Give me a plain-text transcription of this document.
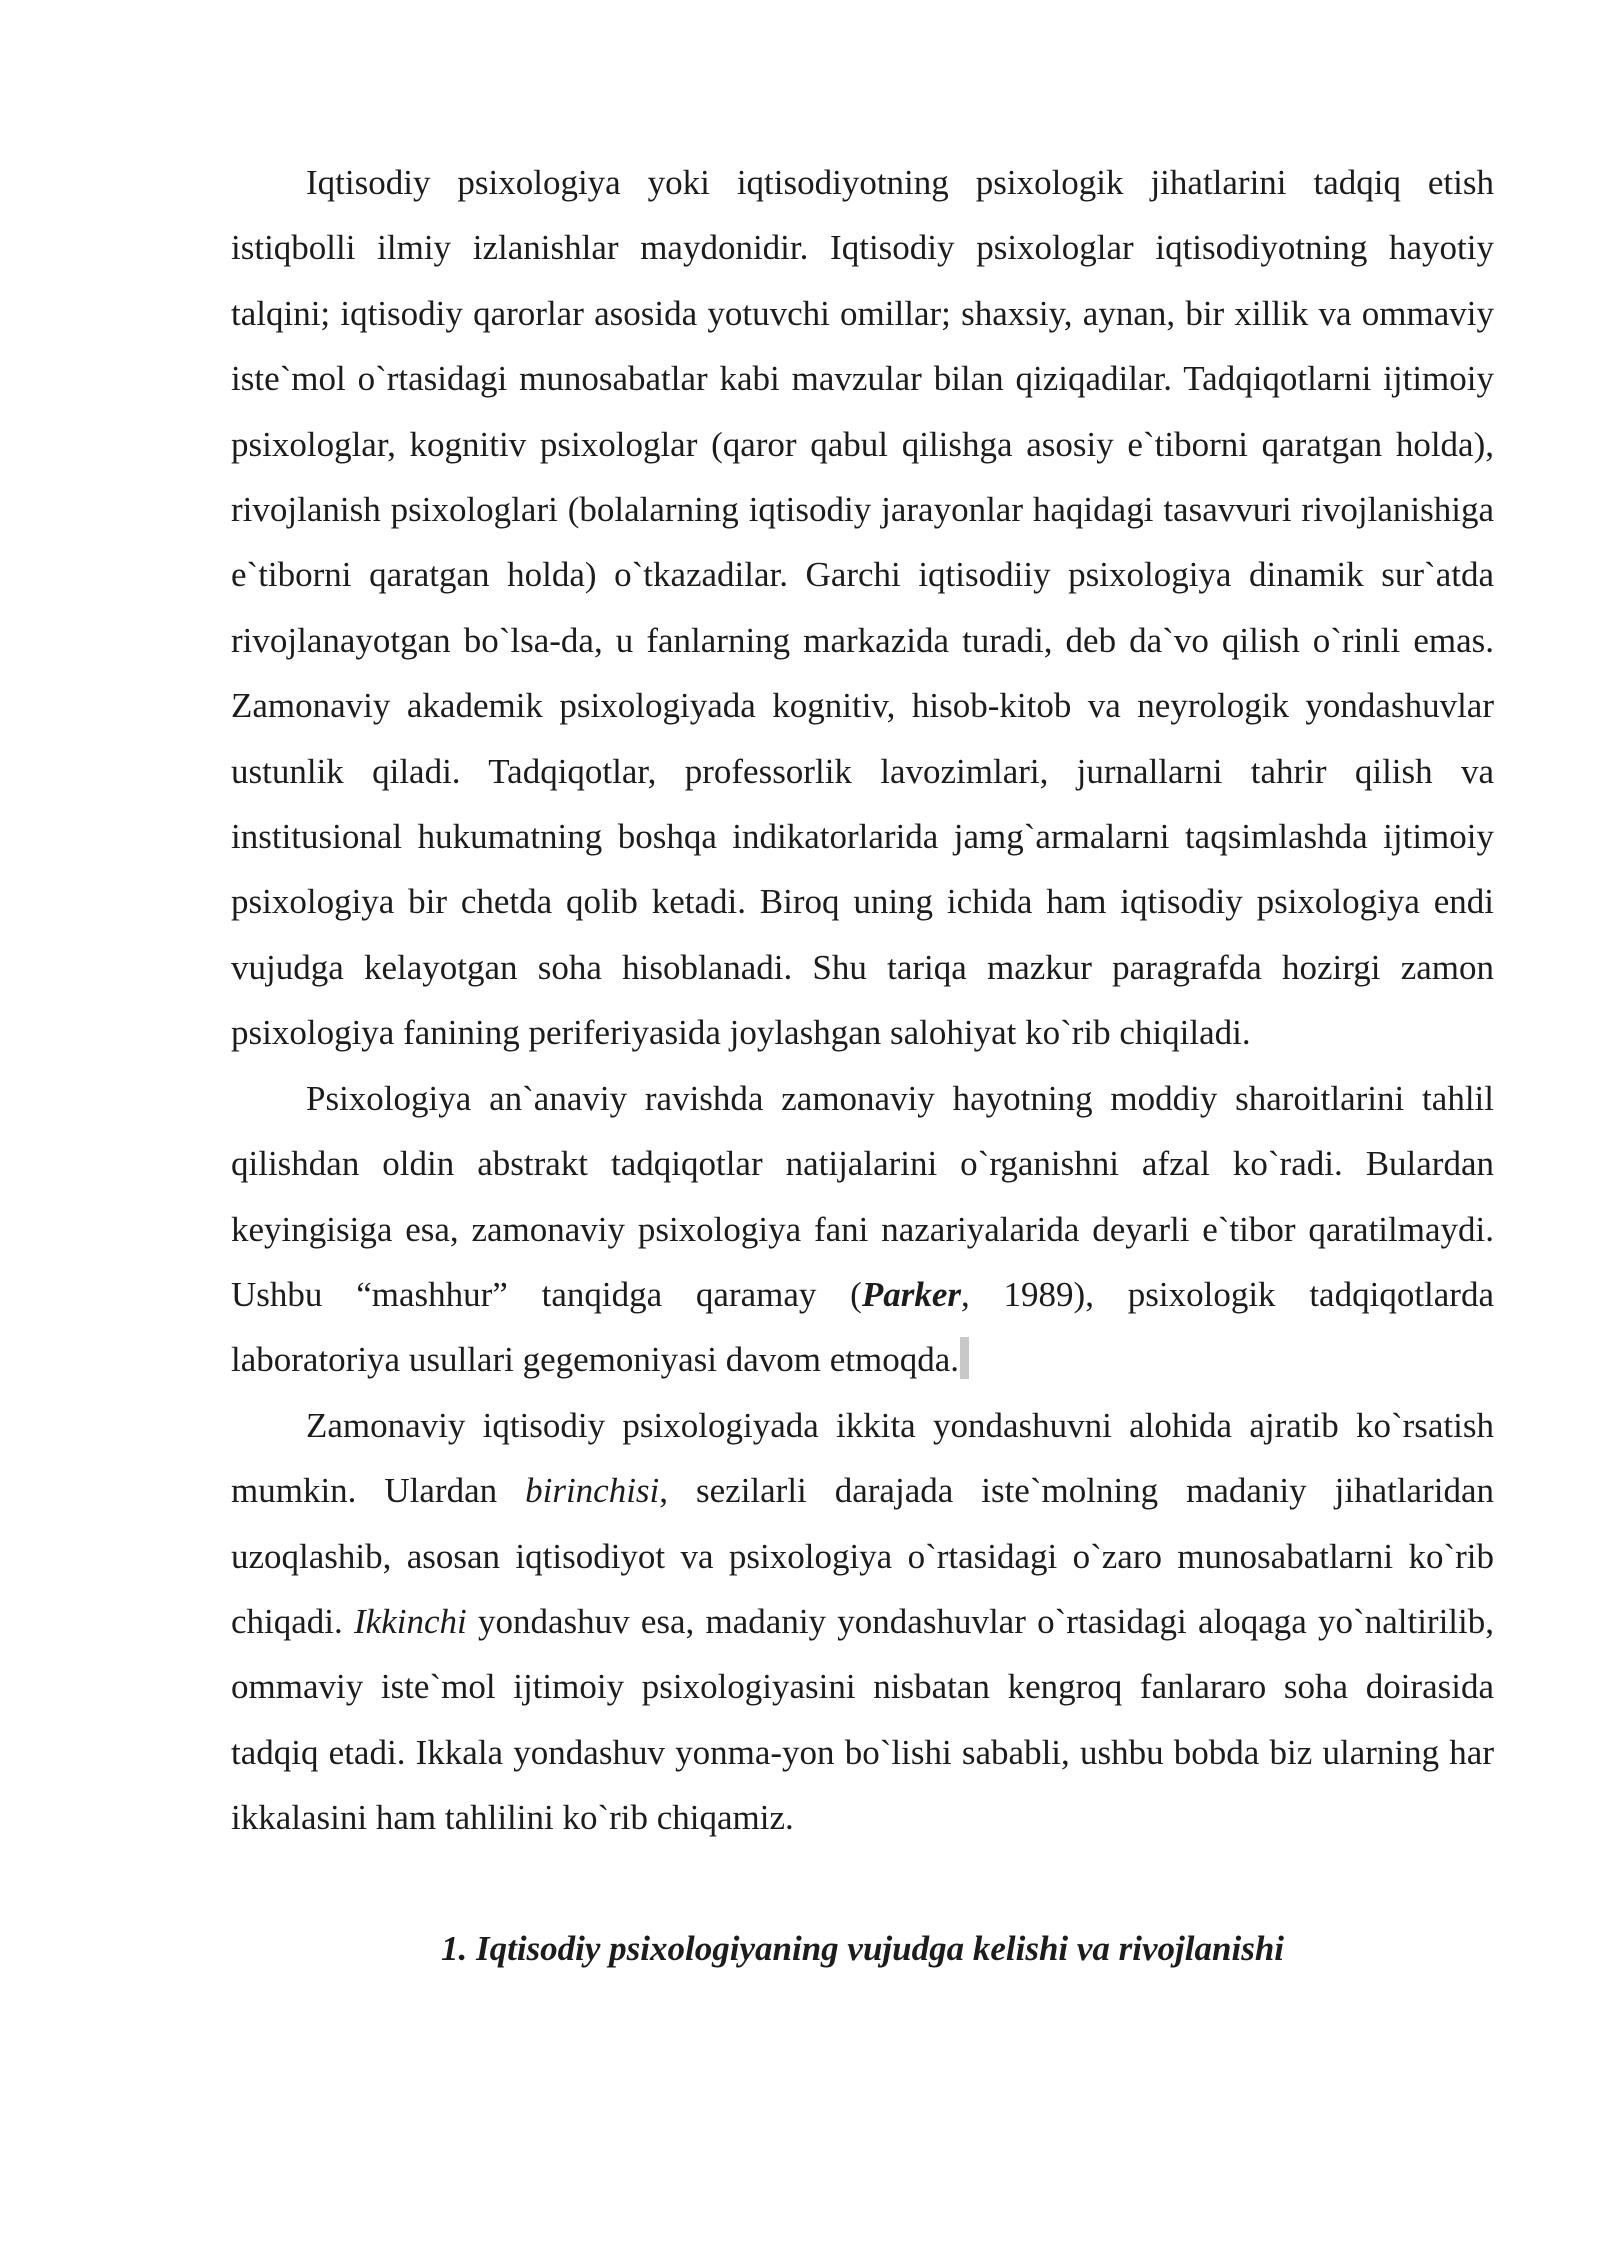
Iqtisodiy psixologiya yoki iqtisodiyotning psixologik jihatlarini tadqiq etish istiqbolli ilmiy izlanishlar maydonidir. Iqtisodiy psixologlar iqtisodiyotning hayotiy talqini; iqtisodiy qarorlar asosida yotuvchi omillar; shaxsiy, aynan, bir xillik va ommaviy iste`mol o`rtasidagi munosabatlar kabi mavzular bilan qiziqadilar. Tadqiqotlarni ijtimoiy psixologlar, kognitiv psixologlar (qaror qabul qilishga asosiy e`tiborni qaratgan holda), rivojlanish psixologlari (bolalarning iqtisodiy jarayonlar haqidagi tasavvuri rivojlanishiga e`tiborni qaratgan holda) o`tkazadilar. Garchi iqtisodiiy psixologiya dinamik sur`atda rivojlanayotgan bo`lsa-da, u fanlarning markazida turadi, deb da`vo qilish o`rinli emas. Zamonaviy akademik psixologiyada kognitiv, hisob-kitob va neyrologik yondashuvlar ustunlik qiladi. Tadqiqotlar, professorlik lavozimlari, jurnallarni tahrir qilish va institusional hukumatning boshqa indikatorlarida jamg`armalarni taqsimlashda ijtimoiy psixologiya bir chetda qolib ketadi. Biroq uning ichida ham iqtisodiy psixologiya endi vujudga kelayotgan soha hisoblanadi. Shu tariqa mazkur paragrafda hozirgi zamon psixologiya fanining periferiyasida joylashgan salohiyat ko`rib chiqiladi.

Psixologiya an`anaviy ravishda zamonaviy hayotning moddiy sharoitlarini tahlil qilishdan oldin abstrakt tadqiqotlar natijalarini o`rganishni afzal ko`radi. Bulardan keyingisiga esa, zamonaviy psixologiya fani nazariyalarida deyarli e`tibor qaratilmaydi. Ushbu “mashhur” tanqidga qaramay (Parker, 1989), psixologik tadqiqotlarda laboratoriya usullari gegemoniyasi davom etmoqda.

Zamonaviy iqtisodiy psixologiyada ikkita yondashuvni alohida ajratib ko`rsatish mumkin. Ulardan birinchisi, sezilarli darajada iste`molning madaniy jihatlaridan uzoqlashib, asosan iqtisodiyot va psixologiya o`rtasidagi o`zaro munosabatlarni ko`rib chiqadi. Ikkinchi yondashuv esa, madaniy yondashuvlar o`rtasidagi aloqaga yo`naltirilib, ommaviy iste`mol ijtimoiy psixologiyasini nisbatan kengroq fanlararo soha doirasida tadqiq etadi. Ikkala yondashuv yonma-yon bo`lishi sababli, ushbu bobda biz ularning har ikkalasini ham tahlilini ko`rib chiqamiz.

1. Iqtisodiy psixologiyaning vujudga kelishi va rivojlanishi
